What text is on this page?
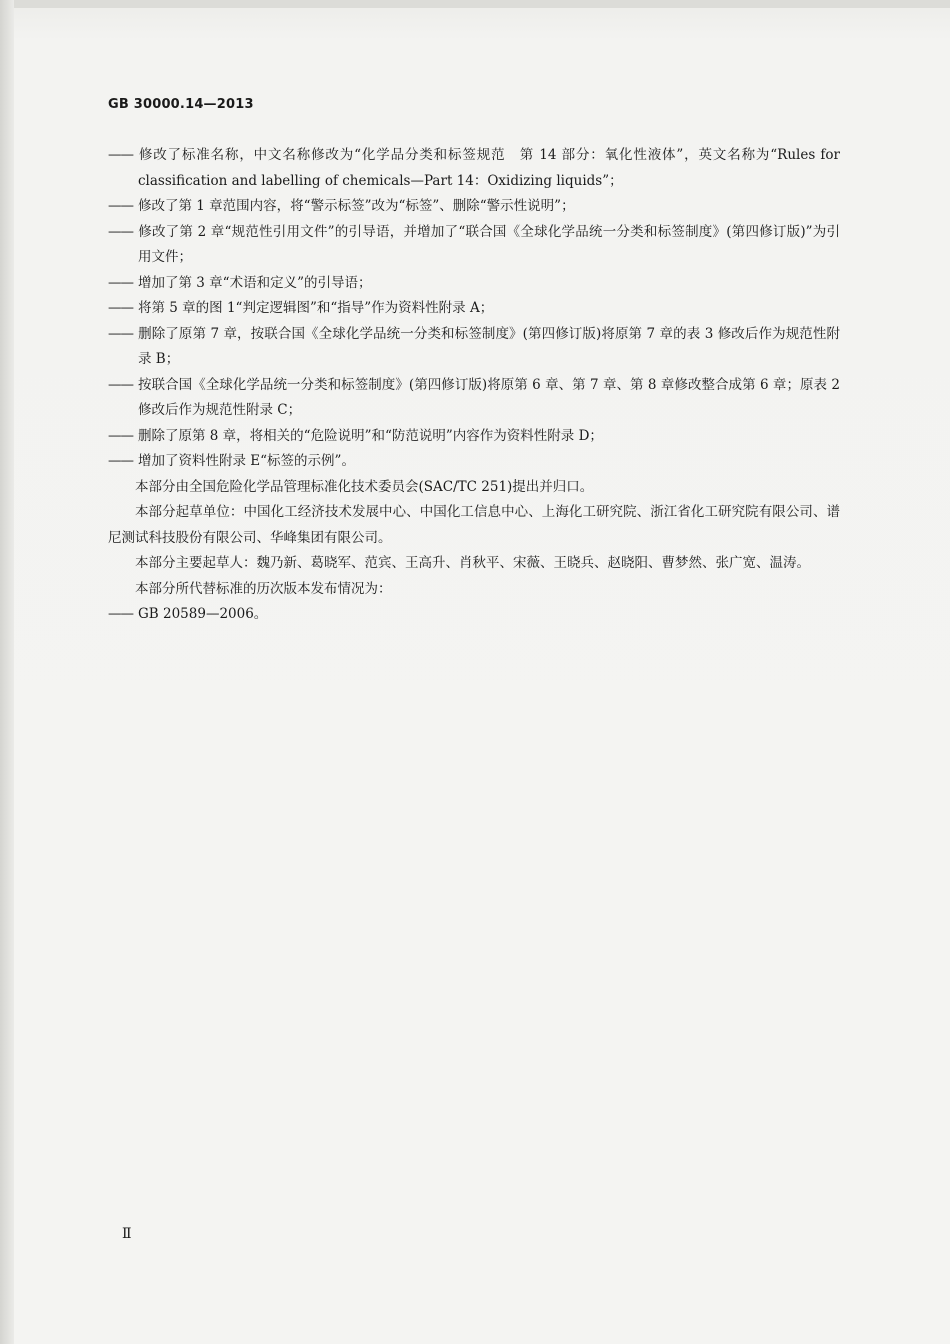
GB 30000.14—2013
—— 修改了标准名称，中文名称修改为“化学品分类和标签规范　第 14 部分：氧化性液体”，英文名称为“Rules for classification and labelling of chemicals—Part 14：Oxidizing liquids”；
—— 修改了第 1 章范围内容，将“警示标签”改为“标签”、删除“警示性说明”；
—— 修改了第 2 章“规范性引用文件”的引导语，并增加了“联合国《全球化学品统一分类和标签制度》(第四修订版)”为引用文件；
—— 增加了第 3 章“术语和定义”的引导语；
—— 将第 5 章的图 1“判定逻辑图”和“指导”作为资料性附录 A；
—— 删除了原第 7 章，按联合国《全球化学品统一分类和标签制度》(第四修订版)将原第 7 章的表 3 修改后作为规范性附录 B；
—— 按联合国《全球化学品统一分类和标签制度》(第四修订版)将原第 6 章、第 7 章、第 8 章修改整合成第 6 章；原表 2 修改后作为规范性附录 C；
—— 删除了原第 8 章，将相关的“危险说明”和“防范说明”内容作为资料性附录 D；
—— 增加了资料性附录 E“标签的示例”。
本部分由全国危险化学品管理标准化技术委员会(SAC/TC 251)提出并归口。
本部分起草单位：中国化工经济技术发展中心、中国化工信息中心、上海化工研究院、浙江省化工研究院有限公司、谱尼测试科技股份有限公司、华峰集团有限公司。
本部分主要起草人：魏乃新、葛晓军、范宾、王高升、肖秋平、宋薇、王晓兵、赵晓阳、曹梦然、张广宽、温涛。
本部分所代替标准的历次版本发布情况为：
—— GB 20589—2006。
Ⅱ
